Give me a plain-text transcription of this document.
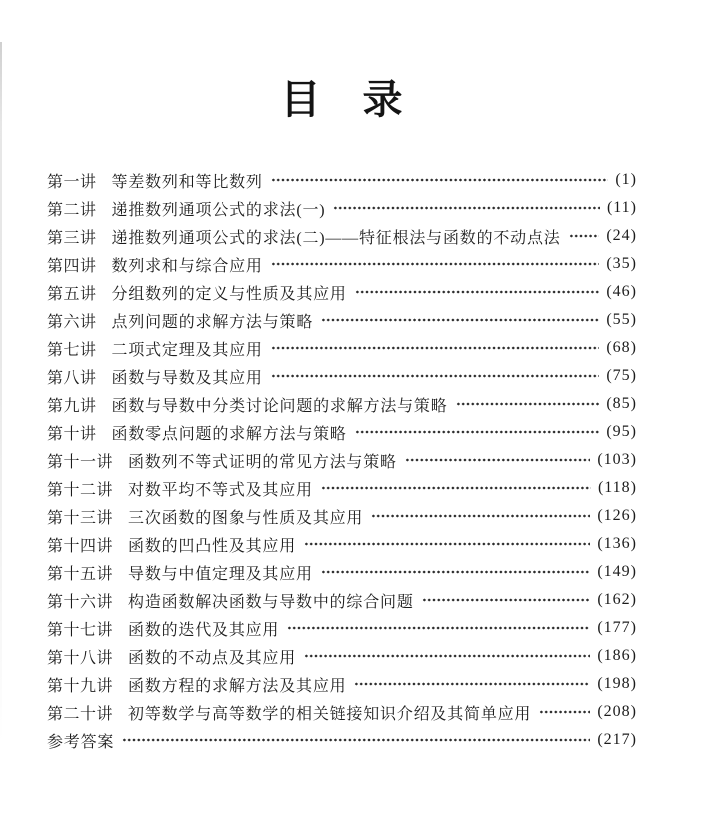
目　录
第一讲 等差数列和等比数列	(1)
第二讲 递推数列通项公式的求法(一)	(11)
第三讲 递推数列通项公式的求法(二)——特征根法与函数的不动点法	(24)
第四讲 数列求和与综合应用	(35)
第五讲 分组数列的定义与性质及其应用	(46)
第六讲 点列问题的求解方法与策略	(55)
第七讲 二项式定理及其应用	(68)
第八讲 函数与导数及其应用	(75)
第九讲 函数与导数中分类讨论问题的求解方法与策略	(85)
第十讲 函数零点问题的求解方法与策略	(95)
第十一讲 函数列不等式证明的常见方法与策略	(103)
第十二讲 对数平均不等式及其应用	(118)
第十三讲 三次函数的图象与性质及其应用	(126)
第十四讲 函数的凹凸性及其应用	(136)
第十五讲 导数与中值定理及其应用	(149)
第十六讲 构造函数解决函数与导数中的综合问题	(162)
第十七讲 函数的迭代及其应用	(177)
第十八讲 函数的不动点及其应用	(186)
第十九讲 函数方程的求解方法及其应用	(198)
第二十讲 初等数学与高等数学的相关链接知识介绍及其简单应用	(208)
参考答案	(217)
